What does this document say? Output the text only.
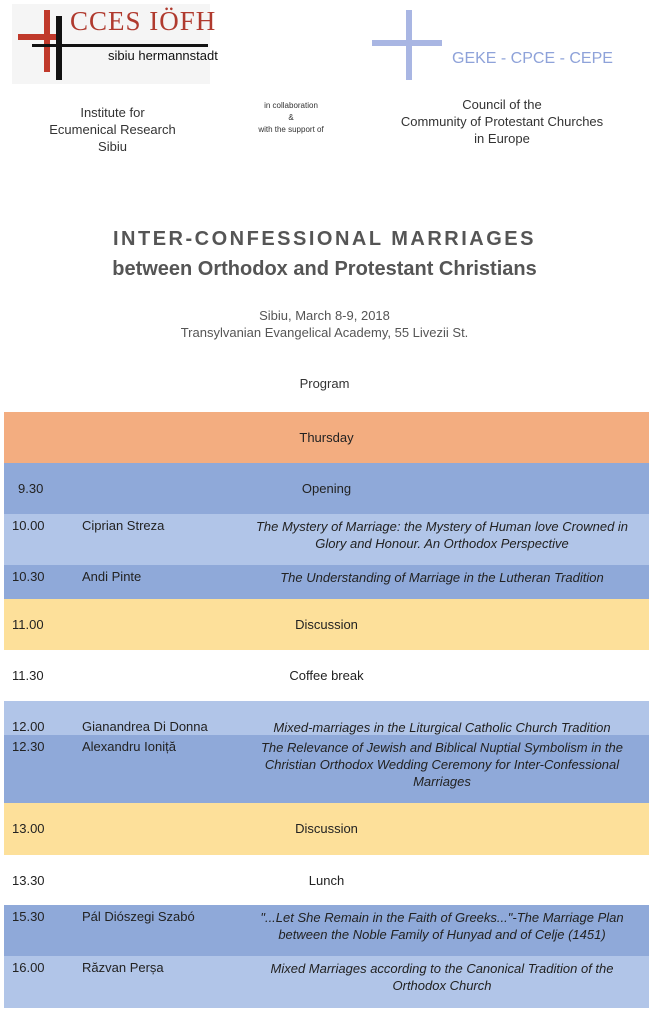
CCES IÖFH
sibiu hermannstadt	GEKE - CPCE - CEPE
Institute for
Ecumenical Research
Sibiu
in collaboration
&
with the support of
Council of the
Community of Protestant Churches
in Europe
INTER-CONFESSIONAL MARRIAGES
between Orthodox and Protestant Christians
Sibiu, March 8-9, 2018
Transylvanian Evangelical Academy, 55 Livezii St.
Program
Thursday
9.30	Opening
10.00	Ciprian Streza	The Mystery of Marriage: the Mystery of Human love Crowned in Glory and Honour. An Orthodox Perspective
10.30	Andi Pinte	The Understanding of Marriage in the Lutheran Tradition
11.00	Discussion
11.30	Coffee break
12.00	Gianandrea Di Donna	Mixed-marriages in the Liturgical Catholic Church Tradition
12.30	Alexandru Ioniță	The Relevance of Jewish and Biblical Nuptial Symbolism in the Christian Orthodox Wedding Ceremony for Inter-Confessional Marriages
13.00	Discussion
13.30	Lunch
15.30	Pál Diószegi Szabó	"...Let She Remain in the Faith of Greeks..."-The Marriage Plan between the Noble Family of Hunyad and of Celje (1451)
16.00	Răzvan Perșa	Mixed Marriages according to the Canonical Tradition of the Orthodox Church
